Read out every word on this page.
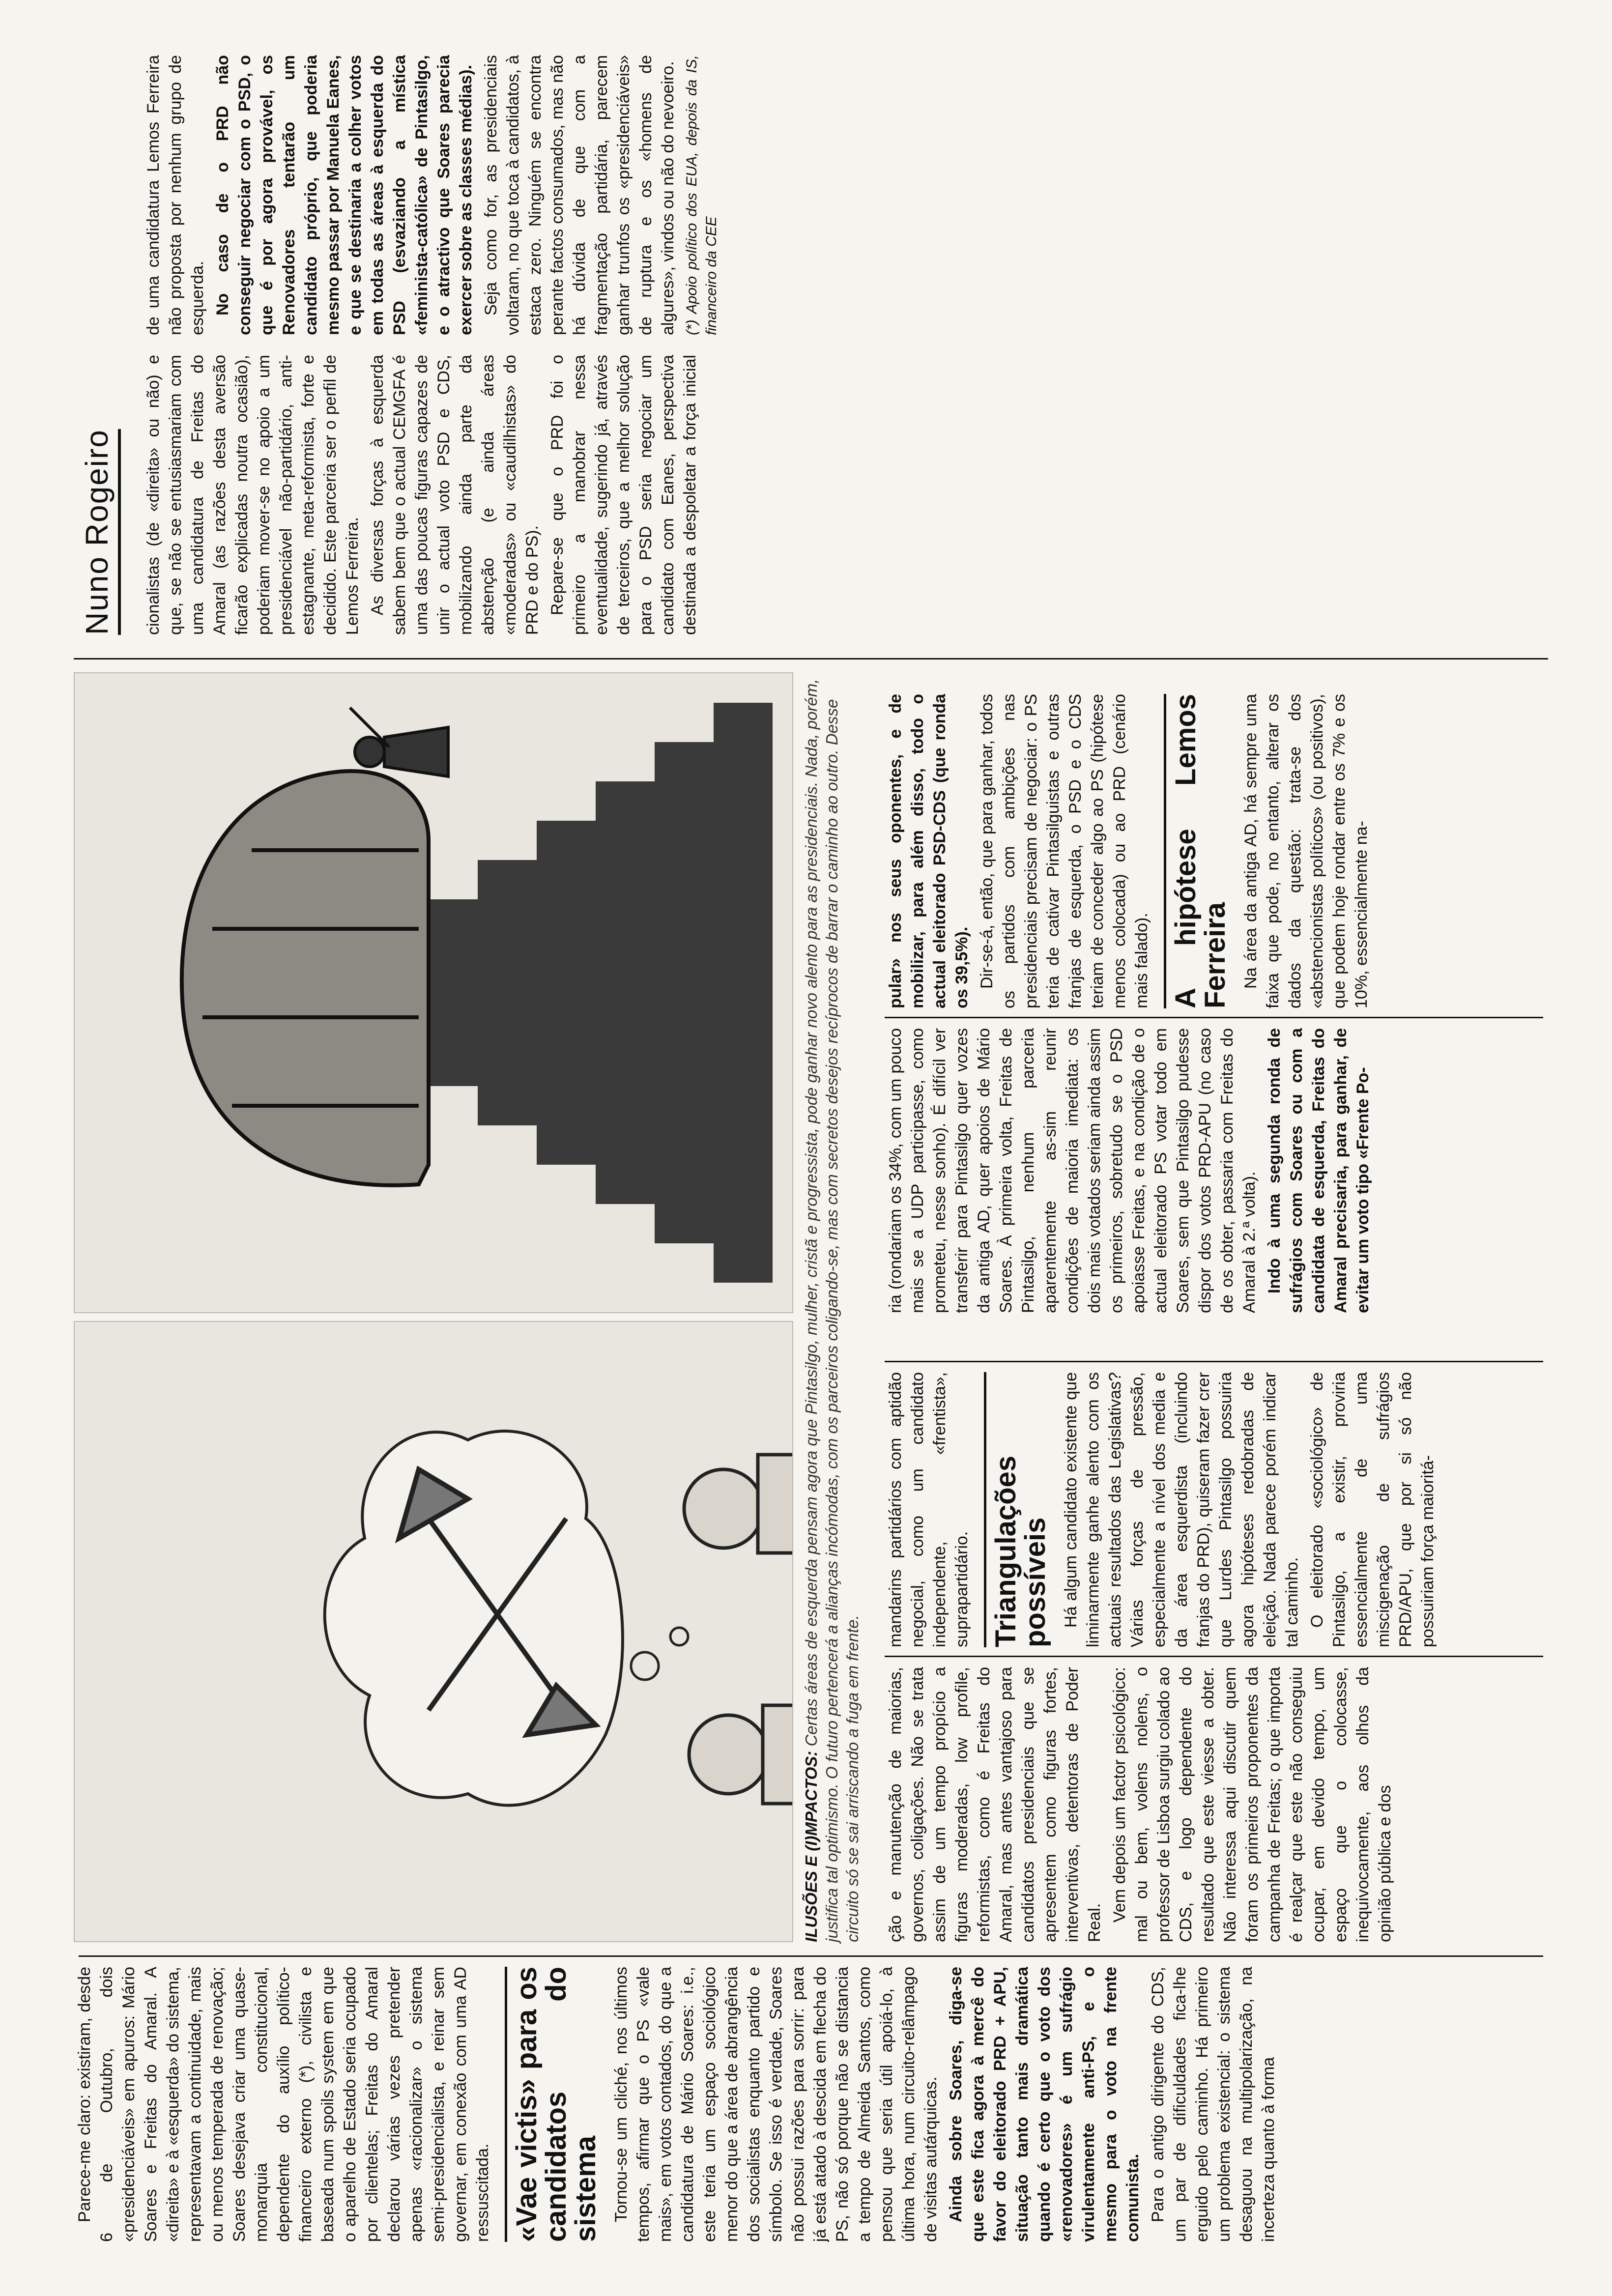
Parece-me claro: existiram, desde 6 de Outubro, dois «presidenciáveis» em apuros: Mário Soares e Freitas do Amaral. A «direita» e à «esquerda» do sistema, representavam a continuidade, mais ou menos temperada de renovação; Soares desejava criar uma quase-monarquia constitucional, dependente do auxílio político-financeiro externo (*), civilista e baseada num spoils system em que o aparelho de Estado seria ocupado por clientelas; Freitas do Amaral declarou várias vezes pretender apenas «racionalizar» o sistema semi-presidencialista, e reinar sem governar, em conexão com uma AD ressuscitada. «Vae victis» para os candidatos do sistema Tornou-se um cliché, nos últimos tempos, afirmar que o PS «vale mais», em votos contados, do que a candidatura de Mário Soares: i.e., este teria um espaço sociológico menor do que a área de abrangência dos socialistas enquanto partido e símbolo. Se isso é verdade, Soares não possui razões para sorrir: para já está atado à descida em flecha do PS, não só porque não se distancia a tempo de Almeida Santos, como pensou que seria útil apoiá-lo, à última hora, num circuito-relâmpago de visitas autárquicas. Ainda sobre Soares, diga-se que este fica agora à mercê do favor do eleitorado PRD + APU, situação tanto mais dramática quando é certo que o voto dos «renovadores» é um sufrágio virulentamente anti-PS, e o mesmo para o voto na frente comunista. Para o antigo dirigente do CDS, um par de dificuldades fica-lhe erguido pelo caminho. Há primeiro um problema existencial: o sistema desaguou na multipolarização, na incerteza quanto à forma

ILUSÕES E (I)MPACTOS: Certas áreas de esquerda pensam agora que Pintasilgo, mulher, cristã e progressista, pode ganhar novo alento para as presidenciais. Nada, porém, justifica tal optimismo. O futuro pertencerá a alianças incómodas, com os parceiros coligando-se, mas com secretos desejos recíprocos de barrar o caminho ao outro. Desse circuito só se sai arriscando a fuga em frente.	ção e manutenção de maiorias, governos, coligações. Não se trata assim de um tempo propício a figuras moderadas, low profile, reformistas, como é Freitas do Amaral, mas antes vantajoso para candidatos presidenciais que se apresentem como figuras fortes, interventivas, detentoras de Poder Real.

Vem depois um factor psicológico: mal ou bem, volens nolens, o professor de Lisboa surgiu colado ao CDS, e logo dependente do resultado que este viesse a obter. Não interessa aqui discutir quem foram os primeiros proponentes da campanha de Freitas; o que importa é realçar que este não conseguiu ocupar, em devido tempo, um espaço que o colocasse, inequivocamente, aos olhos da opinião pública e dos

mandarins partidários com aptidão negocial, como um candidato independente, «frentista», suprapartidário. Triangulações possíveis Há algum candidato existente que liminarmente ganhe alento com os actuais resultados das Legislativas? Várias forças de pressão, especialmente a nível dos media e da área esquerdista (incluindo franjas do PRD), quiseram fazer crer que Lurdes Pintasilgo possuiria agora hipóteses redobradas de eleição. Nada parece porém indicar tal caminho. O eleitorado «sociológico» de Pintasilgo, a existir, proviria essencialmente de uma miscigenação de sufrágios PRD/APU, que por si só não possuiriam força maioritá-

ria (rondariam os 34%, com um pouco mais se a UDP participasse, como prometeu, nesse sonho). É difícil ver transferir para Pintasilgo quer vozes da antiga AD, quer apoios de Mário Soares. À primeira volta, Freitas de Pintasilgo, nenhum parceria aparentemente as-sim reunir condições de maioria imediata: os dois mais votados seriam ainda assim os primeiros, sobretudo se o PSD apoiasse Freitas, e na condição de o actual eleitorado PS votar todo em Soares, sem que Pintasilgo pudesse dispor dos votos PRD-APU (no caso de os obter, passaria com Freitas do Amaral à 2.ª volta). Indo à uma segunda ronda de sufrágios com Soares ou com a candidata de esquerda, Freitas do Amaral precisaria, para ganhar, de evitar um voto tipo «Frente Po-

pular» nos seus oponentes, e de mobilizar, para além disso, todo o actual eleitorado PSD-CDS (que ronda os 39,5%). Dir-se-á, então, que para ganhar, todos os partidos com ambições nas presidenciais precisam de negociar: o PS teria de cativar Pintasilguistas e outras franjas de esquerda, o PSD e o CDS teriam de conceder algo ao PS (hipótese menos colocada) ou ao PRD (cenário mais falado). A hipótese Lemos Ferreira Na área da antiga AD, há sempre uma faixa que pode, no entanto, alterar os dados da questão: trata-se dos «abstencionistas políticos» (ou positivos), que podem hoje rondar entre os 7% e os 10%, essencialmente na-

Nuno Rogeiro	cionalistas (de «direita» ou não) e que, se não se entusiasmariam com uma candidatura de Freitas do Amaral (as razões desta aversão ficarão explicadas noutra ocasião), poderiam mover-se no apoio a um presidenciável não-partidário, anti-estagnante, meta-reformista, forte e decidido. Este parceria ser o perfil de Lemos Ferreira. As diversas forças à esquerda sabem bem que o actual CEMGFA é uma das poucas figuras capazes de unir o actual voto PSD e CDS, mobilizando ainda parte da abstenção (e ainda áreas «moderadas» ou «caudilhistas» do PRD e do PS). Repare-se que o PRD foi o primeiro a manobrar nessa eventualidade, sugerindo já, através de terceiros, que a melhor solução para o PSD seria negociar um candidato com Eanes, perspectiva destinada a despoletar a força inicial de uma candidatura Lemos Ferreira não proposta por nenhum grupo de esquerda. No caso de o PRD não conseguir negociar com o PSD, o que é por agora provável, os Renovadores tentarão um candidato próprio, que poderia mesmo passar por Manuela Eanes, e que se destinaria a colher votos em todas as áreas à esquerda do PSD (esvaziando a mística «feminista-católica» de Pintasilgo, e o atractivo que Soares parecia exercer sobre as classes médias). Seja como for, as presidenciais voltaram, no que toca à candidatos, à estaca zero. Ninguém se encontra perante factos consumados, mas não há dúvida de que com a fragmentação partidária, parecem ganhar trunfos os «presidenciáveis» de ruptura e os «homens de algures», vindos ou não do nevoeiro. (*) Apoio político dos EUA, depois da IS, financeiro da CEE
